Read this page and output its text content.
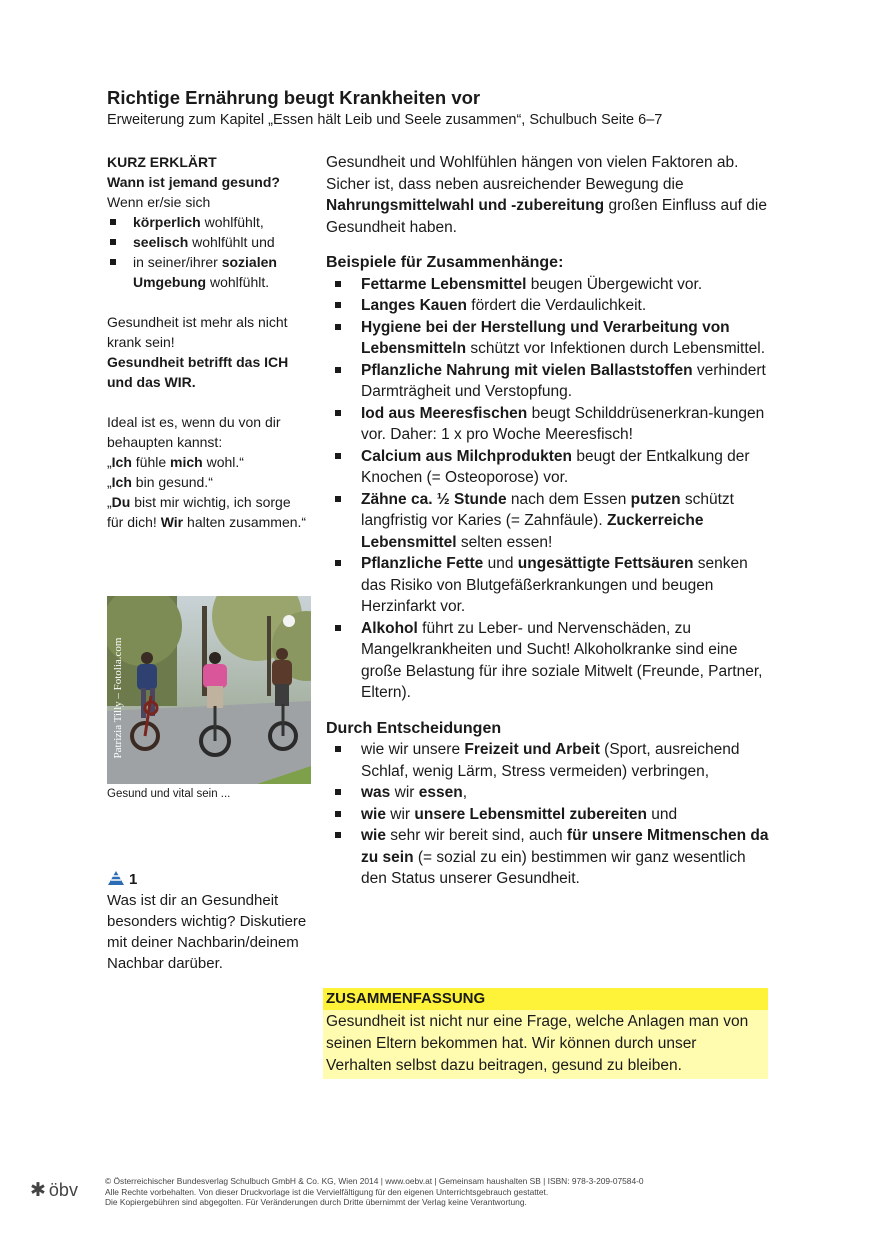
Richtige Ernährung beugt Krankheiten vor
Erweiterung zum Kapitel „Essen hält Leib und Seele zusammen“, Schulbuch Seite 6–7

KURZ ERKLÄRT

Wann ist jemand gesund?

Wenn er/sie sich

körperlich wohlfühlt,
seelisch wohlfühlt und
in seiner/ihrer sozialen Umgebung wohlfühlt.

Gesundheit ist mehr als nicht krank sein!

Gesundheit betrifft das ICH und das WIR.

Ideal ist es, wenn du von dir behaupten kannst:

„Ich fühle mich wohl.“

„Ich bin gesund.“

„Du bist mir wichtig, ich sorge für dich! Wir halten zusammen.“

Patrizia Tilly – Fotolia.com
Gesund und vital sein ...

1

Was ist dir an Gesundheit besonders wichtig? Diskutiere mit deiner Nachbarin/deinem Nachbar darüber.

Gesundheit und Wohlfühlen hängen von vielen Faktoren ab. Sicher ist, dass neben ausreichender Bewegung die Nahrungsmittelwahl und -zubereitung großen Einfluss auf die Gesundheit haben.

Beispiele für Zusammenhänge:
Fettarme Lebensmittel beugen Übergewicht vor.
Langes Kauen fördert die Verdaulichkeit.
Hygiene bei der Herstellung und Verarbeitung von Lebensmitteln schützt vor Infektionen durch Lebensmittel.
Pflanzliche Nahrung mit vielen Ballaststoffen verhindert Darmträgheit und Verstopfung.
Iod aus Meeresfischen beugt Schilddrüsenerkran-kungen vor. Daher: 1 x pro Woche Meeresfisch!
Calcium aus Milchprodukten beugt der Entkalkung der Knochen (= Osteoporose) vor.
Zähne ca. ½ Stunde nach dem Essen putzen schützt langfristig vor Karies (= Zahnfäule). Zuckerreiche Lebensmittel selten essen!
Pflanzliche Fette und ungesättigte Fettsäuren senken das Risiko von Blutgefäßerkrankungen und beugen Herzinfarkt vor.
Alkohol führt zu Leber- und Nervenschäden, zu Mangelkrankheiten und Sucht! Alkoholkranke sind eine große Belastung für ihre soziale Mitwelt (Freunde, Partner, Eltern).

Durch Entscheidungen
wie wir unsere Freizeit und Arbeit (Sport, ausreichend Schlaf, wenig Lärm, Stress vermeiden) verbringen,
was wir essen,
wie wir unsere Lebensmittel zubereiten und
wie sehr wir bereit sind, auch für unsere Mitmenschen da zu sein (= sozial zu ein) bestimmen wir ganz wesentlich den Status unserer Gesundheit.
ZUSAMMENFASSUNG
Gesundheit ist nicht nur eine Frage, welche Anlagen man von seinen Eltern bekommen hat. Wir können durch unser Verhalten selbst dazu beitragen, gesund zu bleiben.
✱ öbv	© Österreichischer Bundesverlag Schulbuch GmbH & Co. KG, Wien 2014 | www.oebv.at | Gemeinsam haushalten SB | ISBN: 978-3-209-07584-0

Alle Rechte vorbehalten. Von dieser Druckvorlage ist die Vervielfältigung für den eigenen Unterrichtsgebrauch gestattet.

Die Kopiergebühren sind abgegolten. Für Veränderungen durch Dritte übernimmt der Verlag keine Verantwortung.
